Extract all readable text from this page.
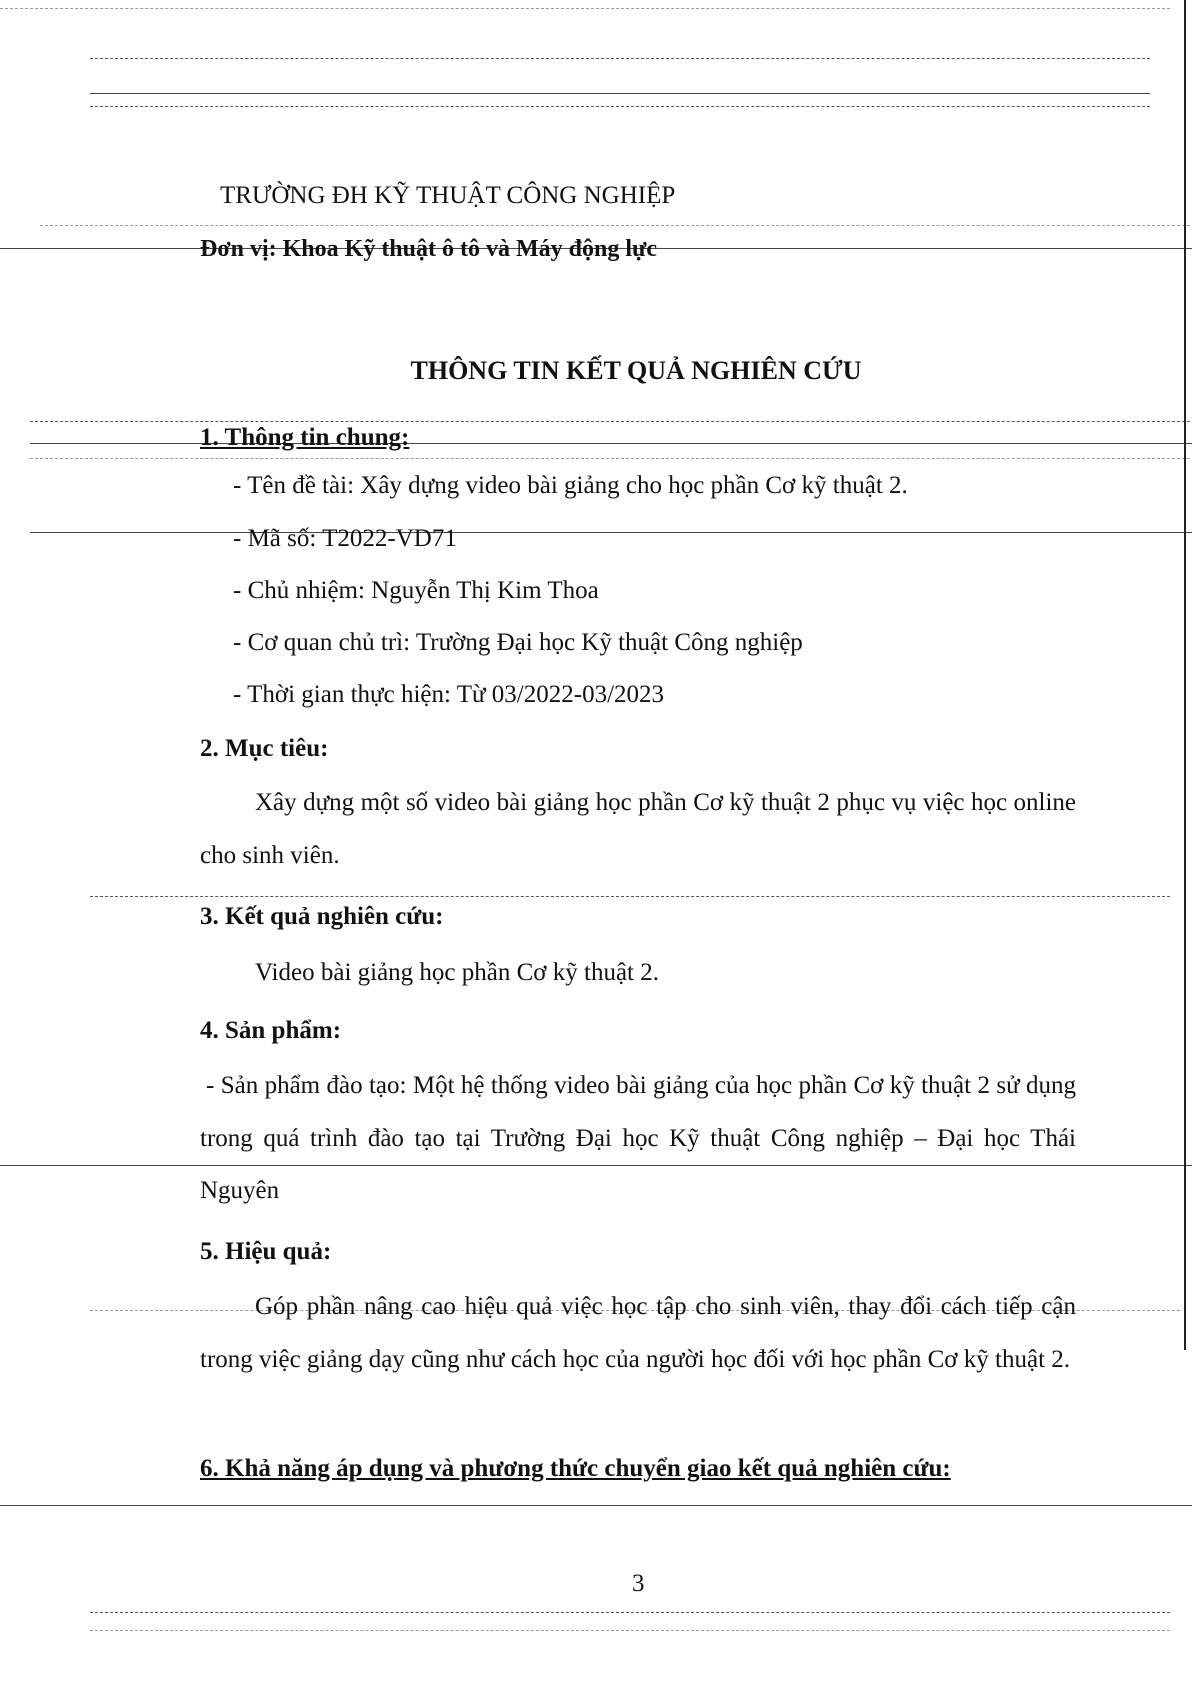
TRƯỜNG ĐH KỸ THUẬT CÔNG NGHIỆP
Đơn vị: Khoa Kỹ thuật ô tô và Máy động lực
THÔNG TIN KẾT QUẢ NGHIÊN CỨU
1. Thông tin chung:
- Tên đề tài: Xây dựng video bài giảng cho học phần Cơ kỹ thuật 2.
- Mã số: T2022-VD71
- Chủ nhiệm: Nguyễn Thị Kim Thoa
- Cơ quan chủ trì: Trường Đại học Kỹ thuật Công nghiệp
- Thời gian thực hiện: Từ 03/2022-03/2023
2. Mục tiêu:
Xây dựng một số video bài giảng học phần Cơ kỹ thuật 2 phục vụ việc học online cho sinh viên.
3. Kết quả nghiên cứu:
Video bài giảng học phần Cơ kỹ thuật 2.
4. Sản phẩm:
- Sản phẩm đào tạo: Một hệ thống video bài giảng của học phần Cơ kỹ thuật 2 sử dụng trong quá trình đào tạo tại Trường Đại học Kỹ thuật Công nghiệp – Đại học Thái Nguyên
5. Hiệu quả:
Góp phần nâng cao hiệu quả việc học tập cho sinh viên, thay đổi cách tiếp cận trong việc giảng dạy cũng như cách học của người học đối với học phần Cơ kỹ thuật 2.
6. Khả năng áp dụng và phương thức chuyển giao kết quả nghiên cứu:
3
